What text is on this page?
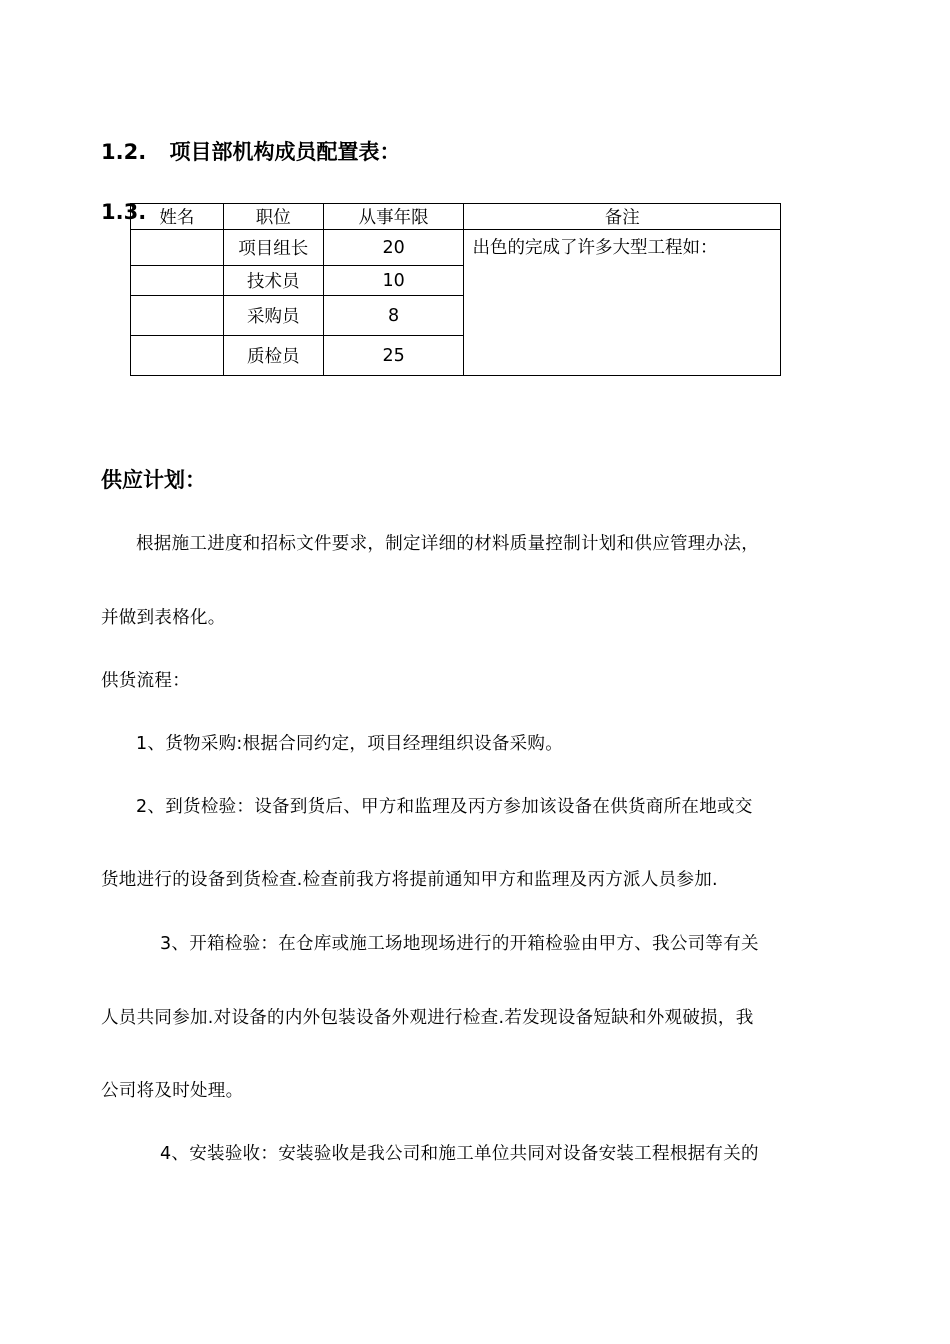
1.2. 项目部机构成员配置表：
1.3. 姓名	职位	从事年限	备注
	项目组长	20	出色的完成了许多大型工程如：
	技术员	10	
	采购员	8	
	质检员	25	
供应计划：
根据施工进度和招标文件要求，制定详细的材料质量控制计划和供应管理办法，
并做到表格化。
供货流程：
1、货物采购:根据合同约定，项目经理组织设备采购。
2、到货检验：设备到货后、甲方和监理及丙方参加该设备在供货商所在地或交
货地进行的设备到货检查.检查前我方将提前通知甲方和监理及丙方派人员参加.
3、开箱检验：在仓库或施工场地现场进行的开箱检验由甲方、我公司等有关
人员共同参加.对设备的内外包装设备外观进行检查.若发现设备短缺和外观破损，我
公司将及时处理。
4、安装验收：安装验收是我公司和施工单位共同对设备安装工程根据有关的
